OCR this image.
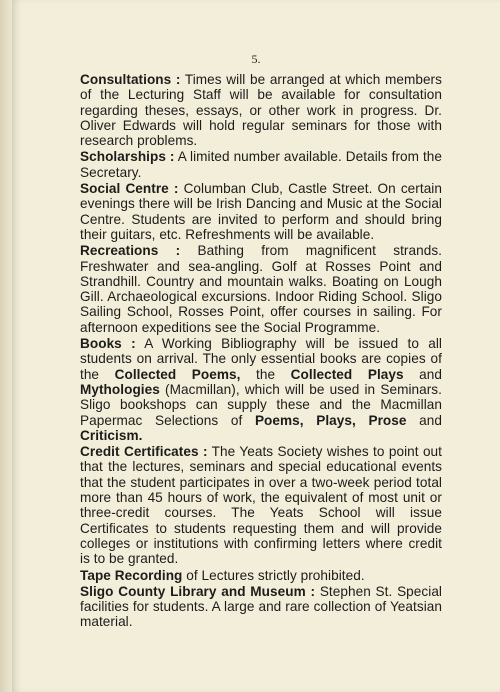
5.

Consultations : Times will be arranged at which members of the Lecturing Staff will be available for consultation regarding theses, essays, or other work in progress. Dr. Oliver Edwards will hold regular seminars for those with research problems.

Scholarships : A limited number available. Details from the Secretary.

Social Centre : Columban Club, Castle Street. On certain evenings there will be Irish Dancing and Music at the Social Centre. Students are invited to perform and should bring their guitars, etc. Refreshments will be available.

Recreations : Bathing from magnificent strands. Freshwater and sea-angling. Golf at Rosses Point and Strandhill. Country and mountain walks. Boating on Lough Gill. Archaeological excursions. Indoor Riding School. Sligo Sailing School, Rosses Point, offer courses in sailing. For afternoon expeditions see the Social Programme.

Books : A Working Bibliography will be issued to all students on arrival. The only essential books are copies of the Collected Poems, the Collected Plays and Mythologies (Macmillan), which will be used in Seminars. Sligo bookshops can supply these and the Macmillan Papermac Selections of Poems, Plays, Prose and Criticism.

Credit Certificates : The Yeats Society wishes to point out that the lectures, seminars and special educational events that the student participates in over a two-week period total more than 45 hours of work, the equivalent of most unit or three-credit courses. The Yeats School will issue Certificates to students requesting them and will provide colleges or institutions with confirming letters where credit is to be granted.

Tape Recording of Lectures strictly prohibited.

Sligo County Library and Museum : Stephen St. Special facilities for students. A large and rare collection of Yeatsian material.
